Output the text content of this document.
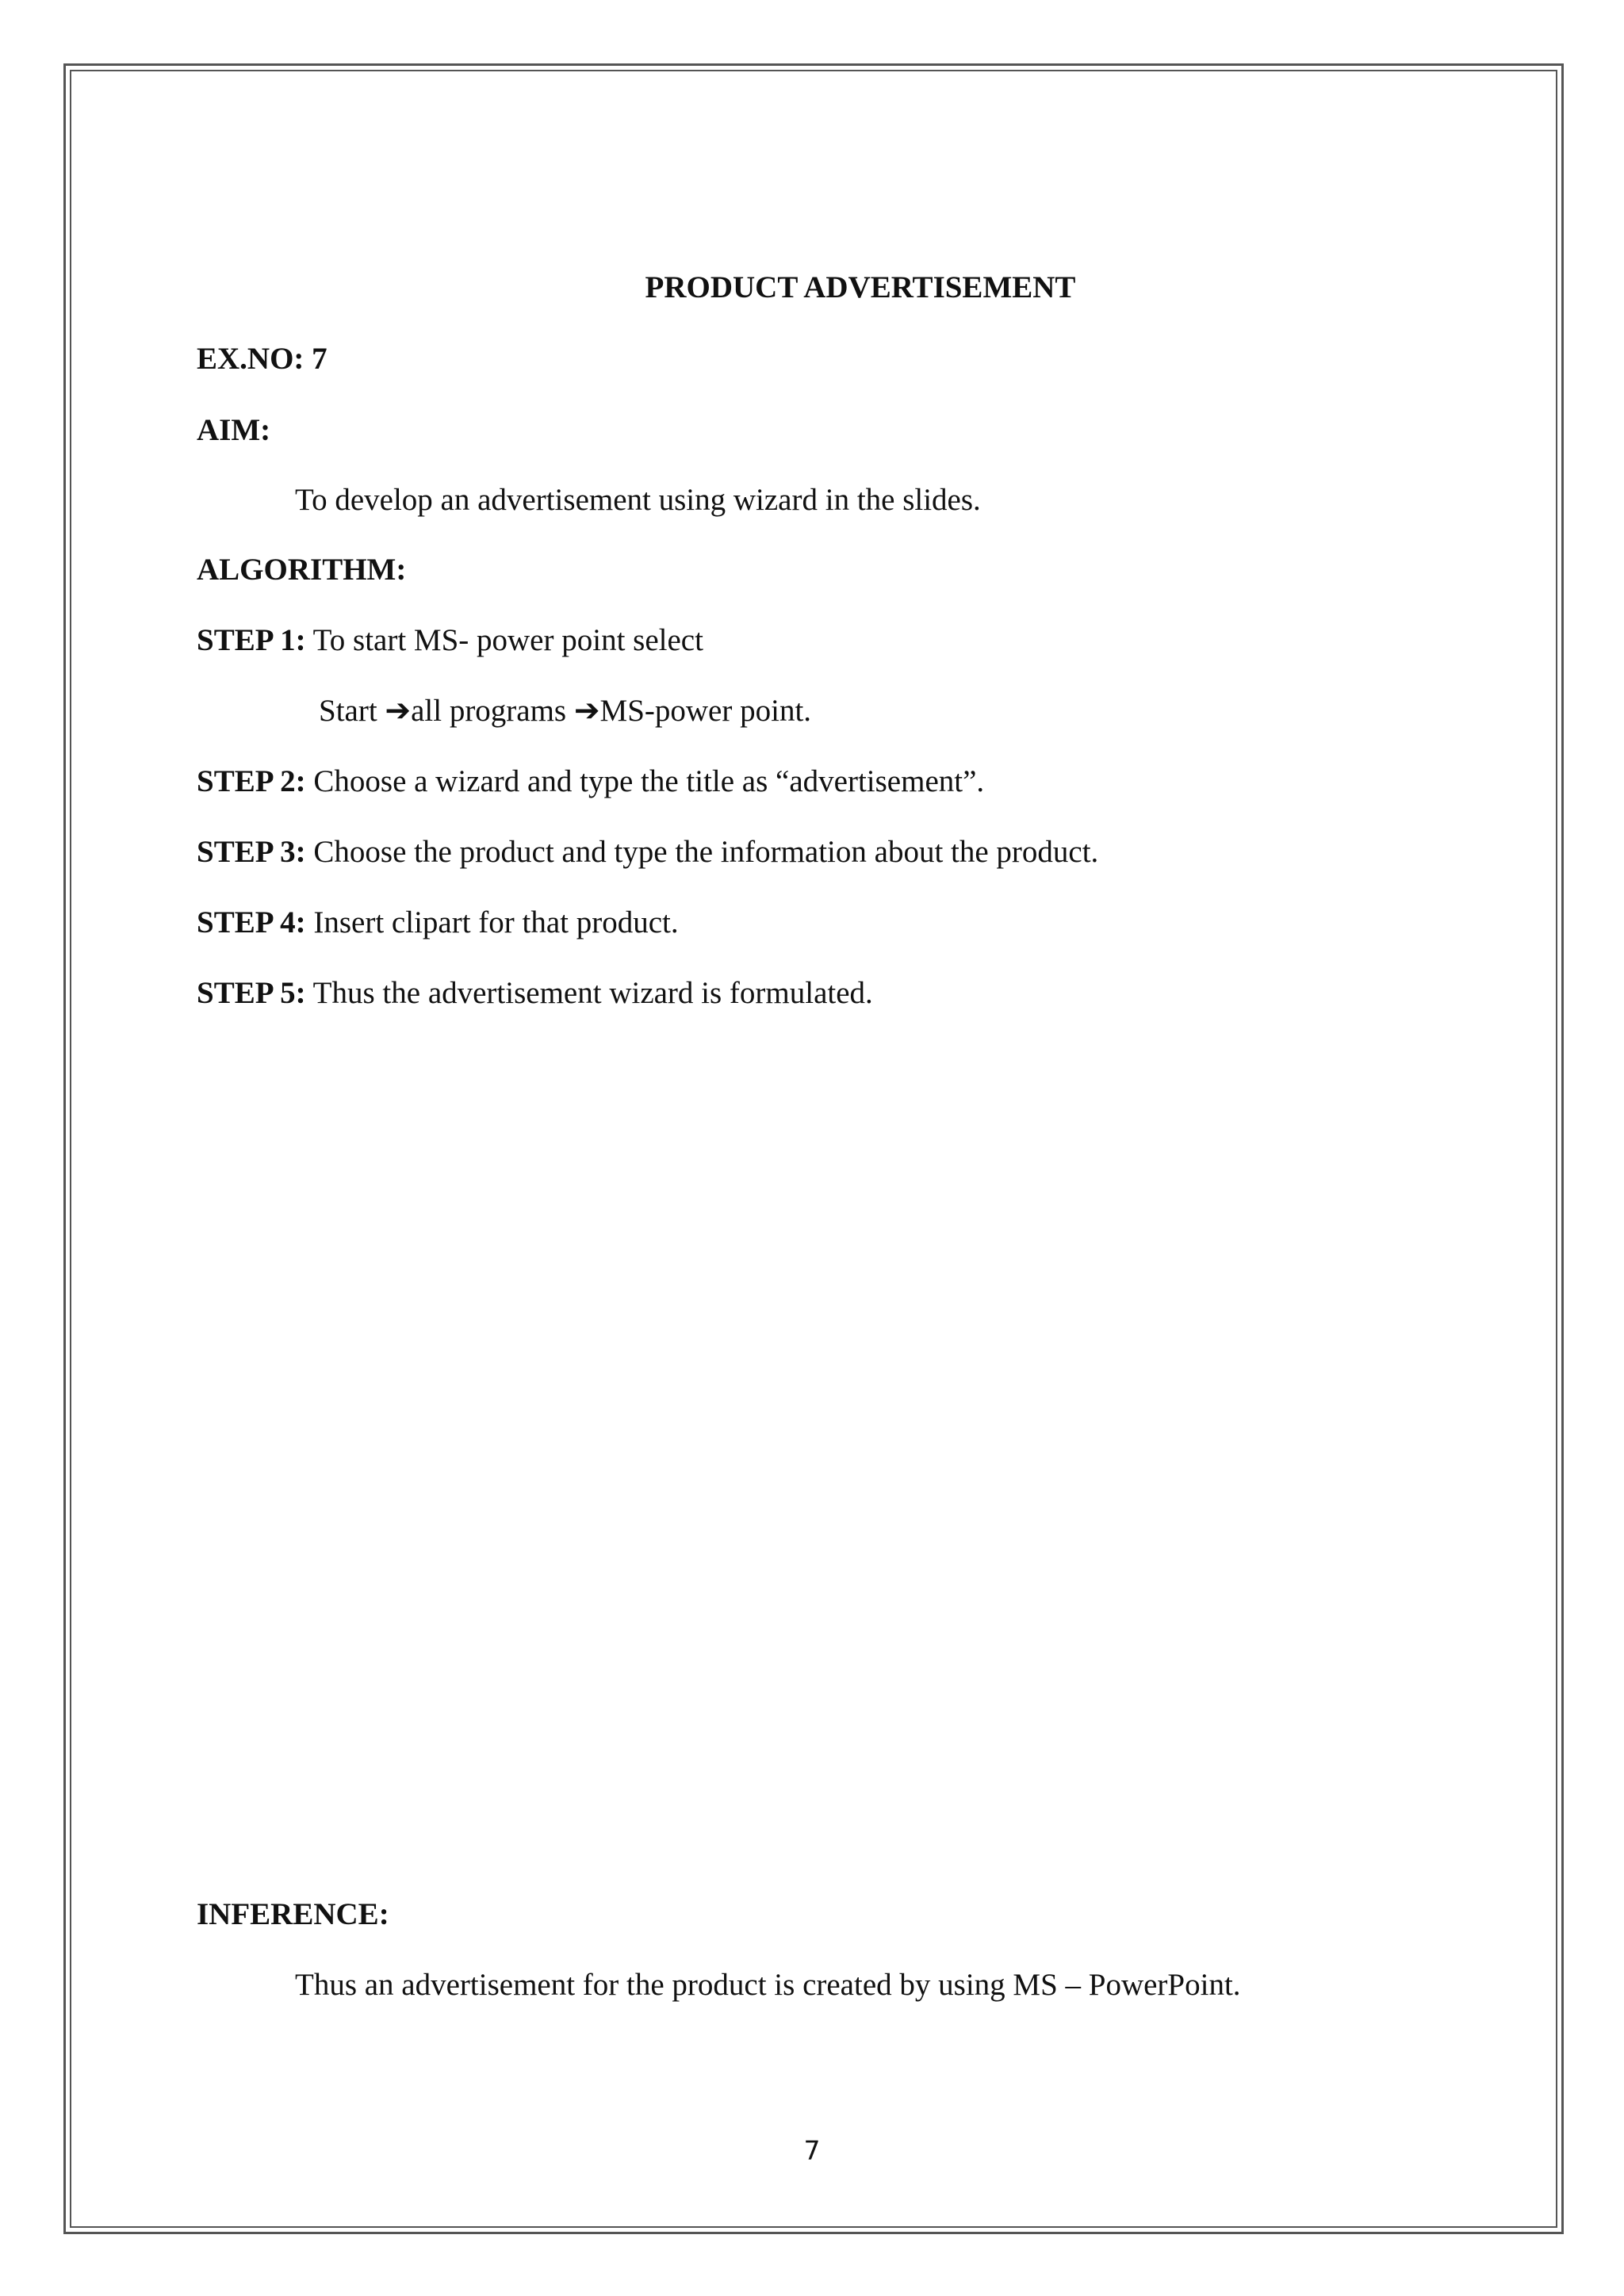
PRODUCT ADVERTISEMENT
EX.NO: 7
AIM:
To develop an advertisement using wizard in the slides.
ALGORITHM:
STEP 1: To start MS- power point select
Start ➔all programs ➔MS-power point.
STEP 2: Choose a wizard and type the title as “advertisement”.
STEP 3: Choose the product and type the information about the product.
STEP 4: Insert clipart for that product.
STEP 5: Thus the advertisement wizard is formulated.
INFERENCE:
Thus an advertisement for the product is created by using MS – PowerPoint.
7
